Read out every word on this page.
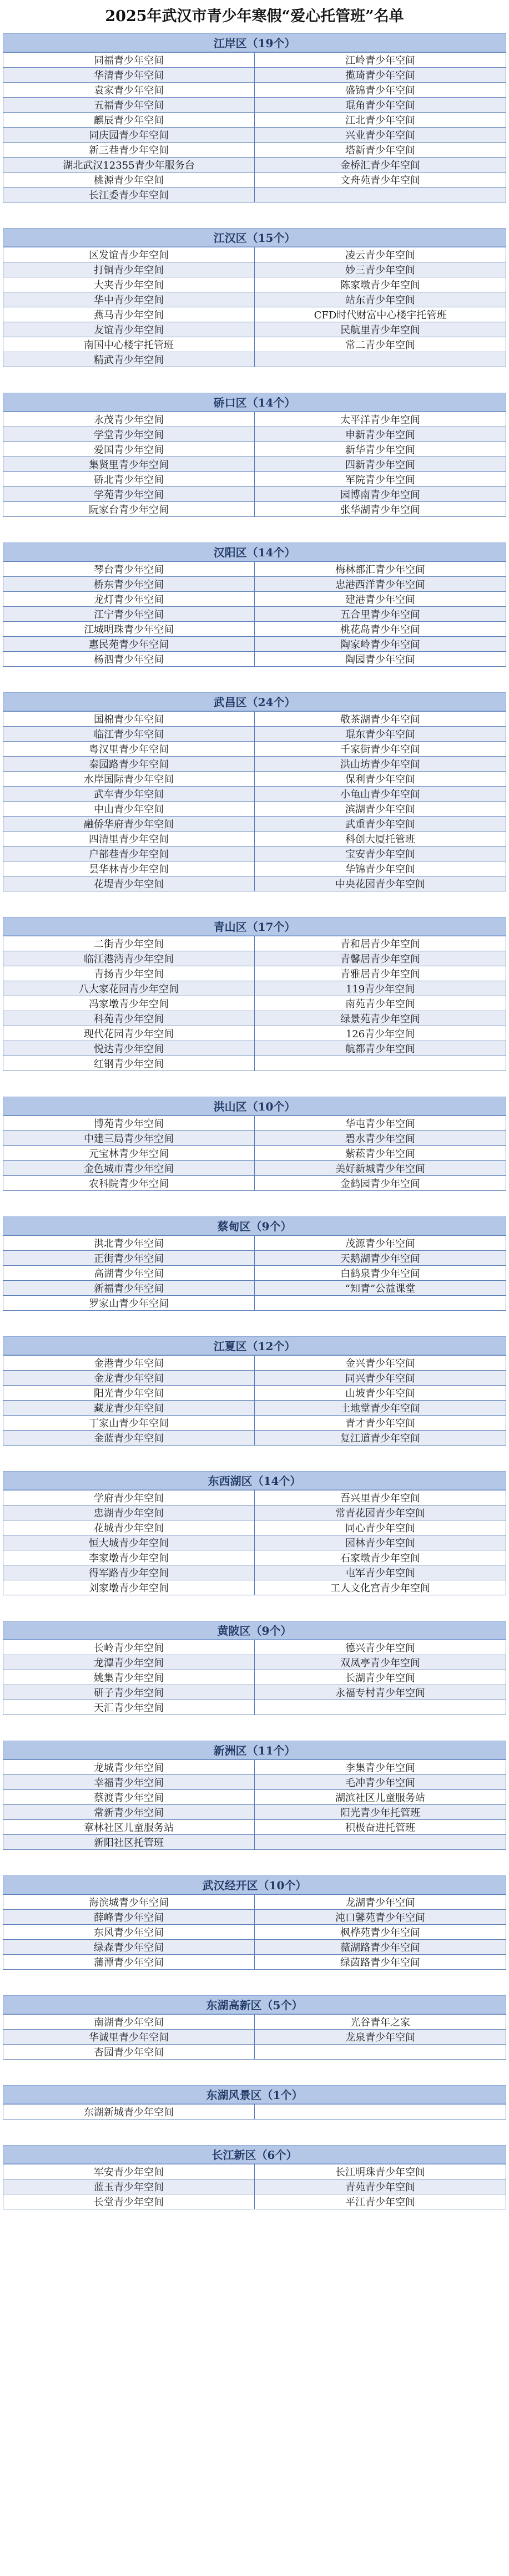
2025年武汉市青少年寒假“爱心托管班”名单
江岸区（19个）
同福青少年空间	江岭青少年空间
华清青少年空间	揽琦青少年空间
袁家青少年空间	盛锦青少年空间
五福青少年空间	琨角青少年空间
麒辰青少年空间	江北青少年空间
同庆园青少年空间	兴业青少年空间
新三巷青少年空间	塔新青少年空间
湖北武汉12355青少年服务台	金桥汇青少年空间
桃源青少年空间	文舟苑青少年空间
长江委青少年空间	
江汉区（15个）
区发谊青少年空间	凌云青少年空间
打铜青少年空间	妙三青少年空间
大夹青少年空间	陈家墩青少年空间
华中青少年空间	站东青少年空间
燕马青少年空间	CFD时代财富中心楼宇托管班
友谊青少年空间	民航里青少年空间
南国中心楼宇托管班	常二青少年空间
精武青少年空间	
硚口区（14个）
永茂青少年空间	太平洋青少年空间
学堂青少年空间	申新青少年空间
爱国青少年空间	新华青少年空间
集贤里青少年空间	四新青少年空间
硚北青少年空间	军院青少年空间
学苑青少年空间	园博南青少年空间
阮家台青少年空间	张华湖青少年空间
汉阳区（14个）
琴台青少年空间	梅林都汇青少年空间
桥东青少年空间	忠港西洋青少年空间
龙灯青少年空间	建港青少年空间
江宁青少年空间	五合里青少年空间
江城明珠青少年空间	桃花岛青少年空间
惠民苑青少年空间	陶家岭青少年空间
杨泗青少年空间	陶园青少年空间
武昌区（24个）
国棉青少年空间	敬茶湖青少年空间
临江青少年空间	琨东青少年空间
粤汉里青少年空间	千家街青少年空间
秦园路青少年空间	洪山坊青少年空间
水岸国际青少年空间	保利青少年空间
武车青少年空间	小龟山青少年空间
中山青少年空间	滨湖青少年空间
融侨华府青少年空间	武重青少年空间
四清里青少年空间	科创大厦托管班
户部巷青少年空间	宝安青少年空间
昙华林青少年空间	华锦青少年空间
花堤青少年空间	中央花园青少年空间
青山区（17个）
二街青少年空间	青和居青少年空间
临江港湾青少年空间	青馨居青少年空间
青扬青少年空间	青雅居青少年空间
八大家花园青少年空间	119青少年空间
冯家墩青少年空间	南苑青少年空间
科苑青少年空间	绿景苑青少年空间
现代花园青少年空间	126青少年空间
悦达青少年空间	航都青少年空间
红钢青少年空间	
洪山区（10个）
博苑青少年空间	华屯青少年空间
中建三局青少年空间	碧水青少年空间
元宝林青少年空间	紫菘青少年空间
金色城市青少年空间	美好新城青少年空间
农科院青少年空间	金鹤园青少年空间
蔡甸区（9个）
洪北青少年空间	茂源青少年空间
正街青少年空间	天鹅湖青少年空间
高湖青少年空间	白鹤泉青少年空间
新福青少年空间	“知青”公益课堂
罗家山青少年空间	
江夏区（12个）
金港青少年空间	金兴青少年空间
金龙青少年空间	同兴青少年空间
阳光青少年空间	山坡青少年空间
藏龙青少年空间	土地堂青少年空间
丁家山青少年空间	青才青少年空间
金蓝青少年空间	复江道青少年空间
东西湖区（14个）
学府青少年空间	吾兴里青少年空间
忠湖青少年空间	常青花园青少年空间
花城青少年空间	同心青少年空间
恒大城青少年空间	园林青少年空间
李家墩青少年空间	石家墩青少年空间
得军路青少年空间	屯军青少年空间
刘家墩青少年空间	工人文化宫青少年空间
黄陂区（9个）
长岭青少年空间	德兴青少年空间
龙潭青少年空间	双凤亭青少年空间
姚集青少年空间	长湖青少年空间
研子青少年空间	永福专村青少年空间
天汇青少年空间	
新洲区（11个）
龙城青少年空间	李集青少年空间
幸福青少年空间	毛冲青少年空间
蔡渡青少年空间	湖滨社区儿童服务站
常新青少年空间	阳光青少年托管班
章林社区儿童服务站	积极奋进托管班
新阳社区托管班	
武汉经开区（10个）
海滨城青少年空间	龙湖青少年空间
薛峰青少年空间	沌口馨苑青少年空间
东风青少年空间	枫桦苑青少年空间
绿森青少年空间	薇湖路青少年空间
蒲潭青少年空间	绿茵路青少年空间
东湖高新区（5个）
南湖青少年空间	光谷青年之家
华诚里青少年空间	龙泉青少年空间
杏园青少年空间	
东湖风景区（1个）
东湖新城青少年空间	
长江新区（6个）
军安青少年空间	长江明珠青少年空间
蓝玉青少年空间	青苑青少年空间
长堂青少年空间	平江青少年空间
